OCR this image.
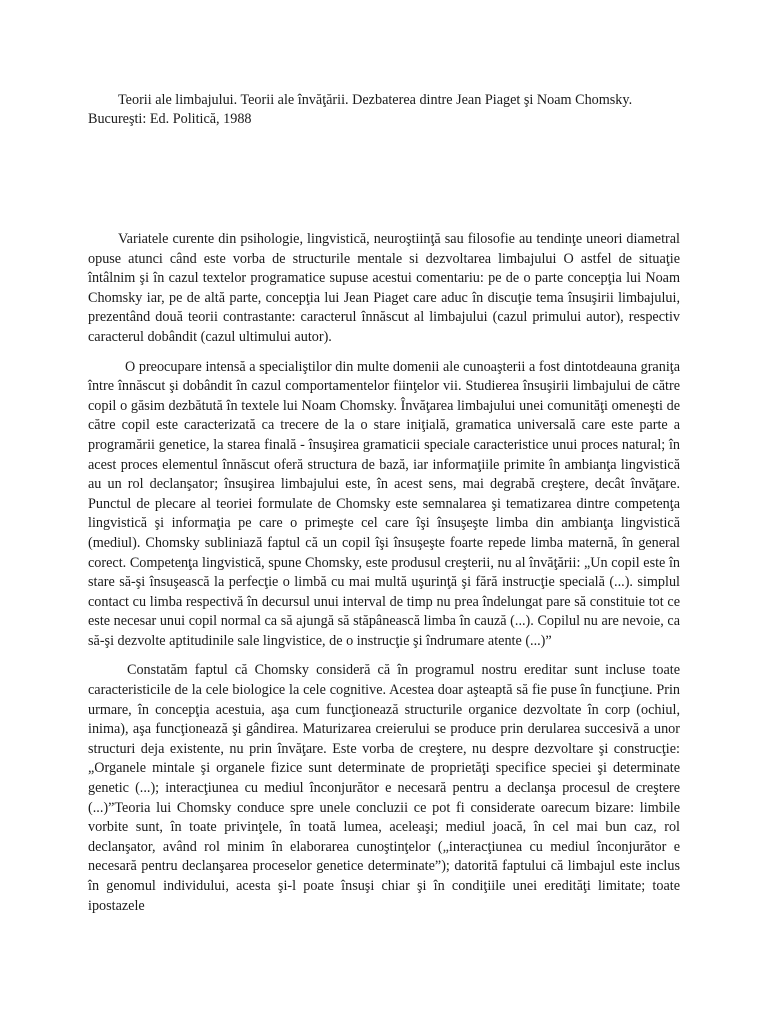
Teorii ale limbajului. Teorii ale învăţării. Dezbaterea dintre Jean Piaget şi Noam Chomsky. Bucureşti: Ed. Politică, 1988

Variatele curente din psihologie, lingvistică, neuroştiinţă sau filosofie au tendinţe uneori diametral opuse atunci când este vorba de structurile mentale si dezvoltarea limbajului O astfel de situaţie întâlnim şi în cazul textelor programatice supuse acestui comentariu: pe de o parte concepţia lui Noam Chomsky iar, pe de altă parte, concepţia lui Jean Piaget care aduc în discuţie tema însuşirii limbajului, prezentând două teorii contrastante: caracterul înnăscut al limbajului (cazul primului autor), respectiv caracterul dobândit (cazul ultimului autor).

O preocupare intensă a specialiştilor din multe domenii ale cunoaşterii a fost dintotdeauna graniţa între înnăscut şi dobândit în cazul comportamentelor fiinţelor vii. Studierea însuşirii limbajului de către copil o găsim dezbătută în textele lui Noam Chomsky. Învăţarea limbajului unei comunităţi omeneşti de către copil este caracterizată ca trecere de la o stare iniţială, gramatica universală care este parte a programării genetice, la starea finală - însuşirea gramaticii speciale caracteristice unui proces natural; în acest proces elementul înnăscut oferă structura de bază, iar informaţiile primite în ambianţa lingvistică au un rol declanşator; însuşirea limbajului este, în acest sens, mai degrabă creştere, decât învăţare. Punctul de plecare al teoriei formulate de Chomsky este semnalarea şi tematizarea dintre competenţa lingvistică şi informaţia pe care o primeşte cel care îşi însuşeşte limba din ambianţa lingvistică (mediul). Chomsky subliniază faptul că un copil îşi însuşeşte foarte repede limba maternă, în general corect. Competenţa lingvistică, spune Chomsky, este produsul creşterii, nu al învăţării: „Un copil este în stare să-şi însuşească la perfecţie o limbă cu mai multă uşurinţă şi fără instrucţie specială (...). simplul contact cu limba respectivă în decursul unui interval de timp nu prea îndelungat pare să constituie tot ce este necesar unui copil normal ca să ajungă să stăpânească limba în cauză (...). Copilul nu are nevoie, ca să-şi dezvolte aptitudinile sale lingvistice, de o instrucţie şi îndrumare atente (...)”

Constatăm faptul că Chomsky consideră că în programul nostru ereditar sunt incluse toate caracteristicile de la cele biologice la cele cognitive. Acestea doar aşteaptă să fie puse în funcţiune. Prin urmare, în concepţia acestuia, aşa cum funcţionează structurile organice dezvoltate în corp (ochiul, inima), aşa funcţionează şi gândirea. Maturizarea creierului se produce prin derularea succesivă a unor structuri deja existente, nu prin învăţare. Este vorba de creştere, nu despre dezvoltare şi construcţie: „Organele mintale şi organele fizice sunt determinate de proprietăţi specifice speciei şi determinate genetic (...); interacţiunea cu mediul înconjurător e necesară pentru a declanşa procesul de creştere (...)”Teoria lui Chomsky conduce spre unele concluzii ce pot fi considerate oarecum bizare: limbile vorbite sunt, în toate privinţele, în toată lumea, aceleaşi; mediul joacă, în cel mai bun caz, rol declanşator, având rol minim în elaborarea cunoştinţelor („interacţiunea cu mediul înconjurător e necesară pentru declanşarea proceselor genetice determinate”); datorită faptului că limbajul este inclus în genomul individului, acesta şi-l poate însuşi chiar şi în condiţiile unei eredităţi limitate; toate ipostazele
